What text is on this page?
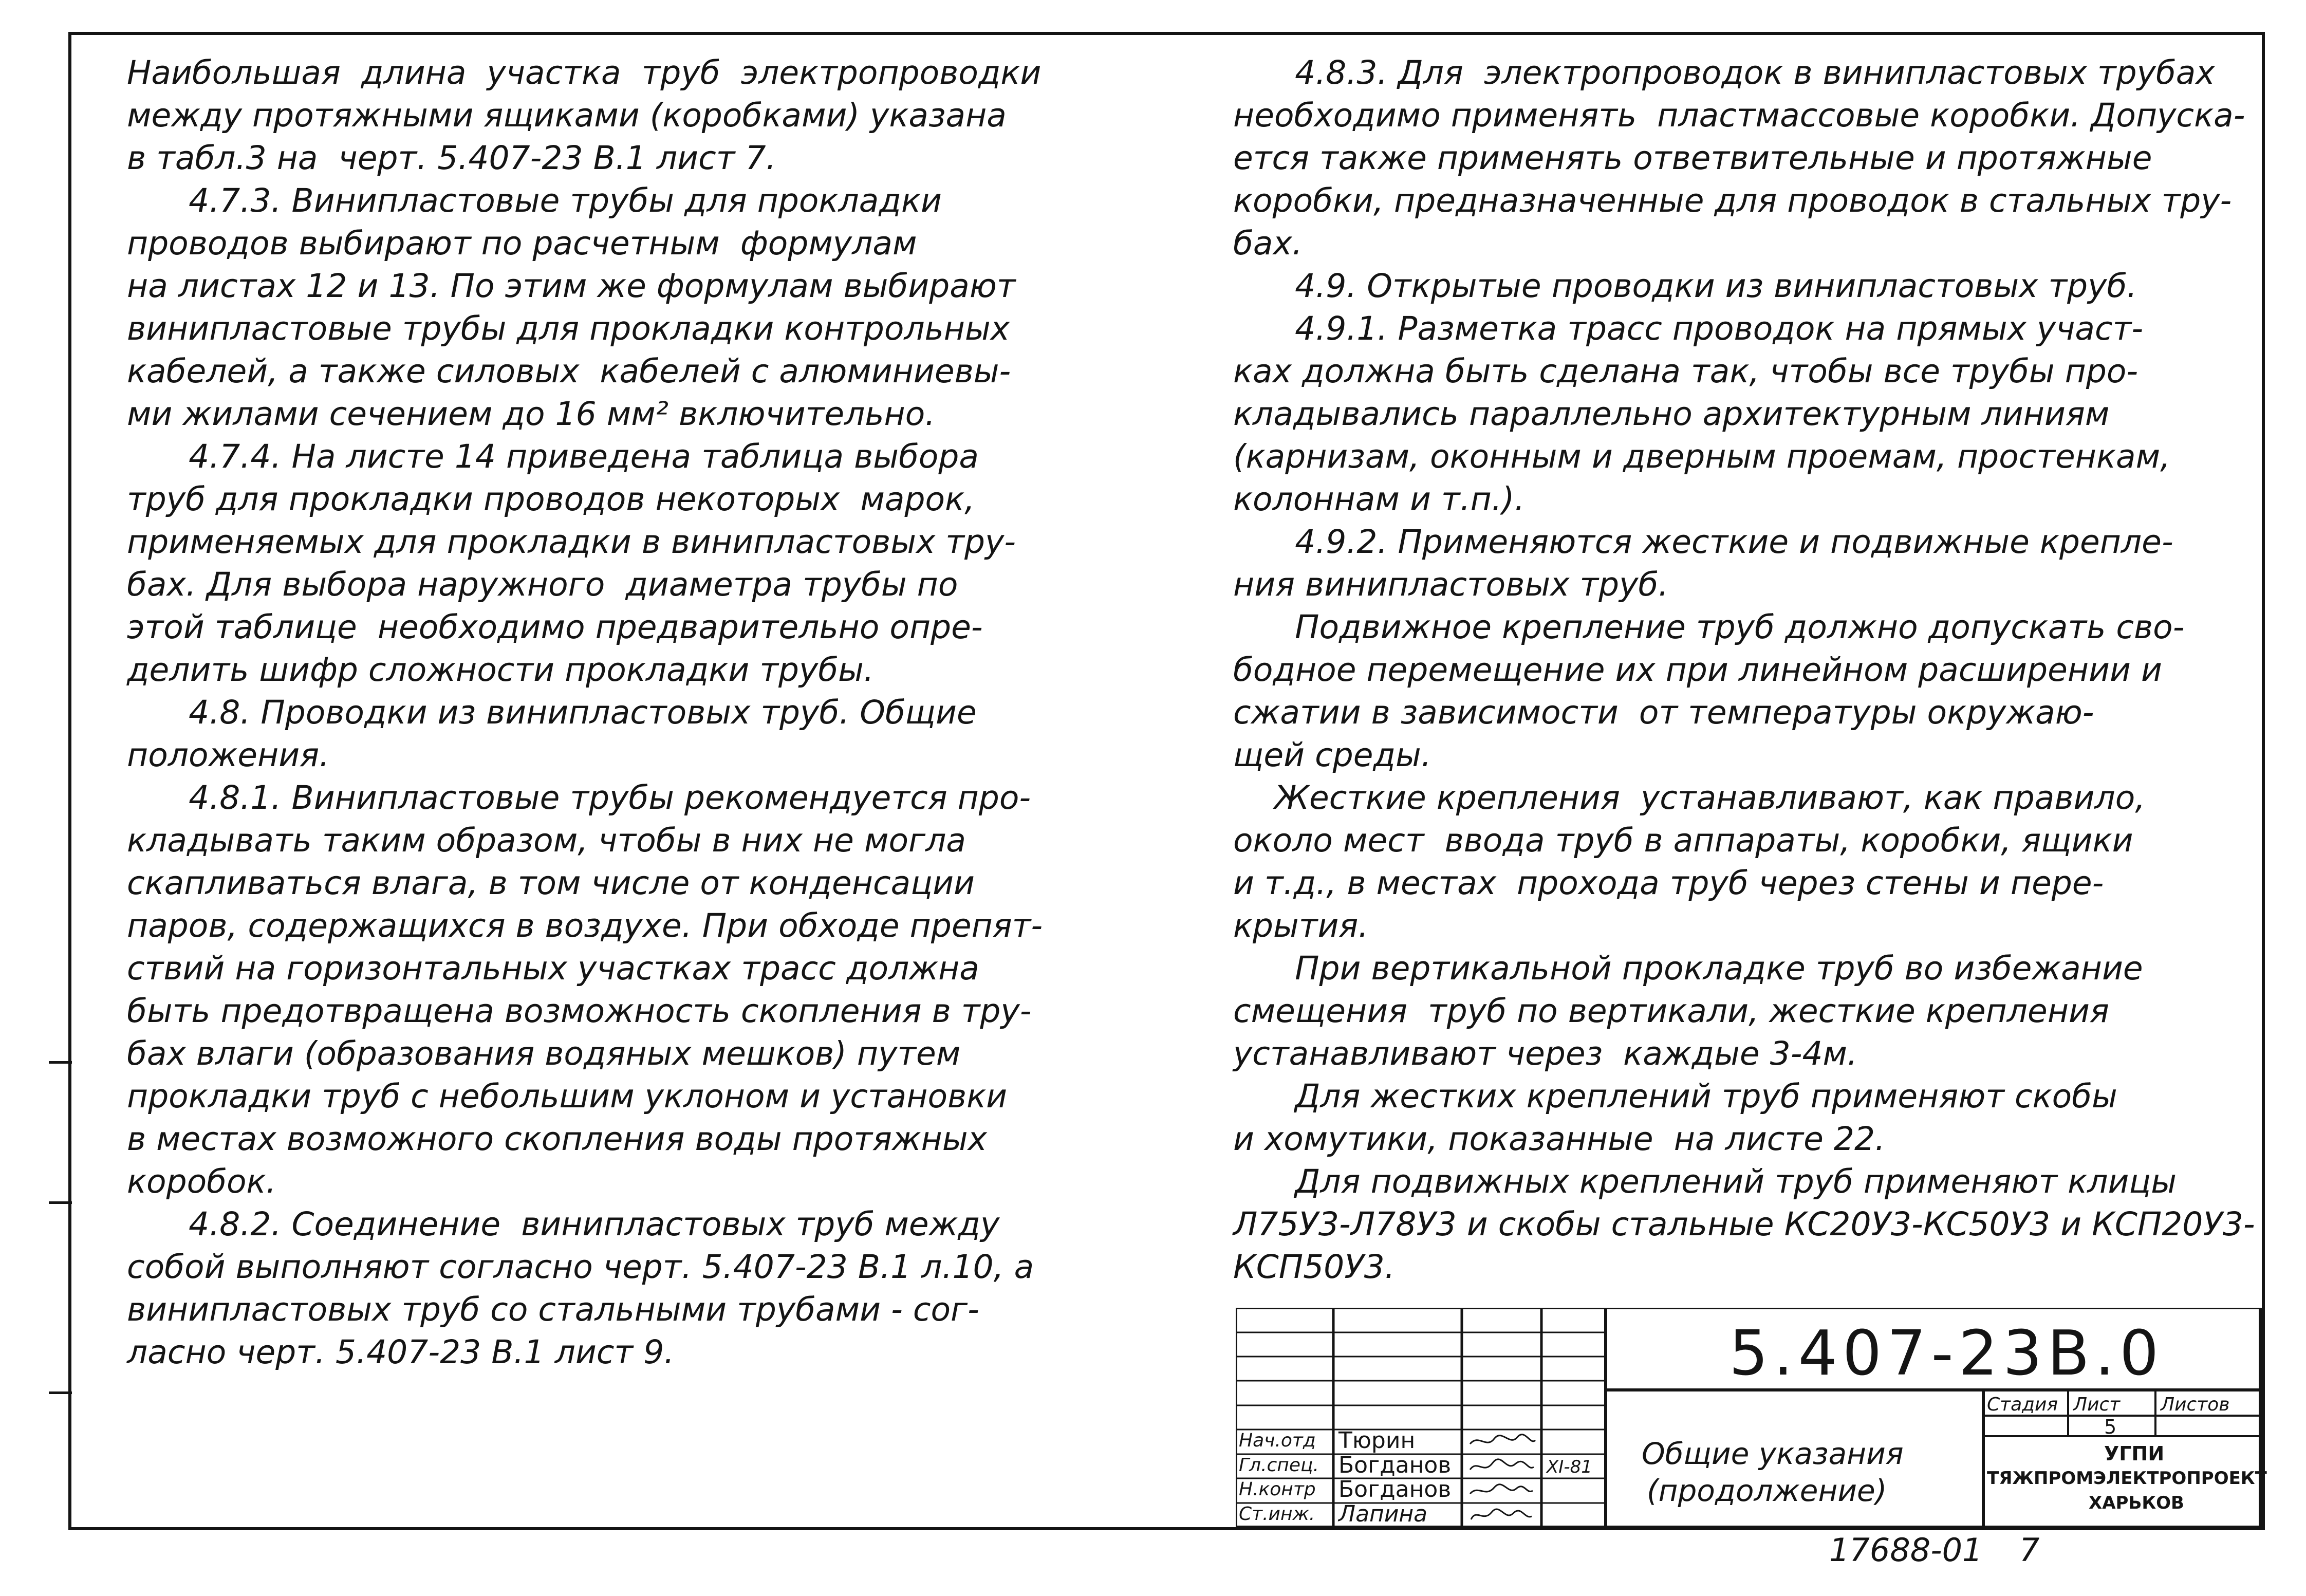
Наибольшая  длина  участка  труб  электропроводки
между протяжными ящиками (коробками) указана
в табл.3 на  черт. 5.407-23 В.1 лист 7.
4.7.3. Винипластовые трубы для прокладки
проводов выбирают по расчетным  формулам
на листах 12 и 13. По этим же формулам выбирают
винипластовые трубы для прокладки контрольных
кабелей, а также силовых  кабелей с алюминиевы-
ми жилами сечением до 16 мм² включительно.
4.7.4. На листе 14 приведена таблица выбора
труб для прокладки проводов некоторых  марок,
применяемых для прокладки в винипластовых тру-
бах. Для выбора наружного  диаметра трубы по
этой таблице  необходимо предварительно опре-
делить шифр сложности прокладки трубы.
4.8. Проводки из винипластовых труб. Общие
положения.
4.8.1. Винипластовые трубы рекомендуется про-
кладывать таким образом, чтобы в них не могла
скапливаться влага, в том числе от конденсации
паров, содержащихся в воздухе. При обходе препят-
ствий на горизонтальных участках трасс должна
быть предотвращена возможность скопления в тру-
бах влаги (образования водяных мешков) путем
прокладки труб с небольшим уклоном и установки
в местах возможного скопления воды протяжных
коробок.
4.8.2. Соединение  винипластовых труб между
собой выполняют согласно черт. 5.407-23 В.1 л.10, а
винипластовых труб со стальными трубами - сог-
ласно черт. 5.407-23 В.1 лист 9.
4.8.3. Для  электропроводок в винипластовых трубах
необходимо применять  пластмассовые коробки. Допуска-
ется также применять ответвительные и протяжные
коробки, предназначенные для проводок в стальных тру-
бах.
4.9. Открытые проводки из винипластовых труб.
4.9.1. Разметка трасс проводок на прямых участ-
ках должна быть сделана так, чтобы все трубы про-
кладывались параллельно архитектурным линиям
(карнизам, оконным и дверным проемам, простенкам,
колоннам и т.п.).
4.9.2. Применяются жесткие и подвижные крепле-
ния винипластовых труб.
Подвижное крепление труб должно допускать сво-
бодное перемещение их при линейном расширении и
сжатии в зависимости  от температуры окружаю-
щей среды.
Жесткие крепления  устанавливают, как правило,
около мест  ввода труб в аппараты, коробки, ящики
и т.д., в местах  прохода труб через стены и пере-
крытия.
При вертикальной прокладке труб во избежание
смещения  труб по вертикали, жесткие крепления
устанавливают через  каждые 3-4м.
Для жестких креплений труб применяют скобы
и хомутики, показанные  на листе 22.
Для подвижных креплений труб применяют клицы
Л75У3-Л78У3 и скобы стальные КС20У3-КС50У3 и КСП20У3-
КСП50У3.
5.407-23В.0
Нач.отд Тюрин
Гл.спец. Богданов
Н.контр Богданов
Ст.инж. Лапина
XI-81 Общие указания
(продолжение)
Стадия Лист Листов
5
УГПИ
ТЯЖПРОМЭЛЕКТРОПРОЕКТ
ХАРЬКОВ
17688-01 7
